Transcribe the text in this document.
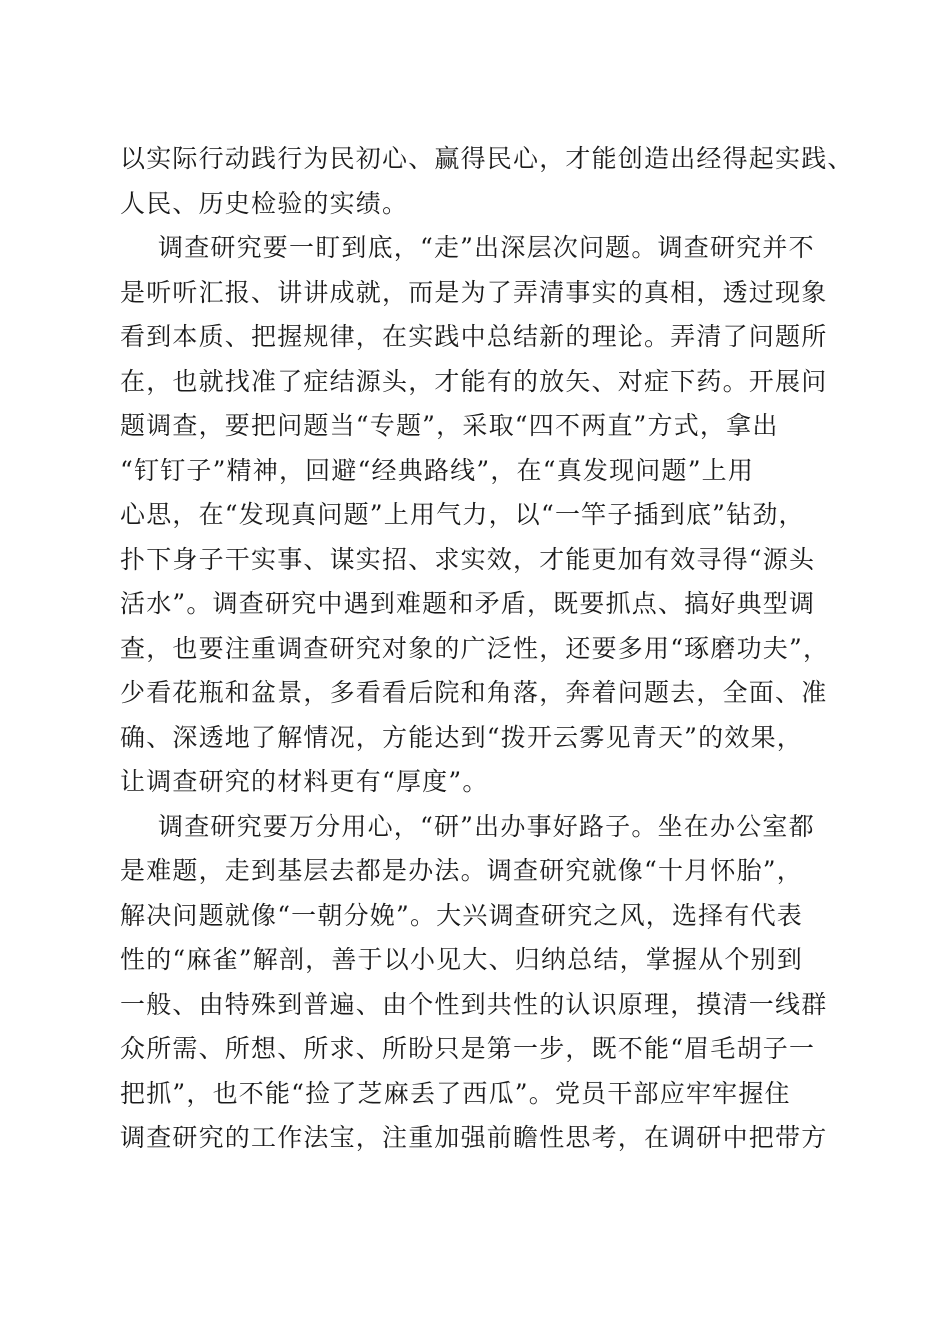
以实际行动践行为民初心、赢得民心，才能创造出经得起实践、
人民、历史检验的实绩。
调查研究要一盯到底，“走”出深层次问题。调查研究并不
是听听汇报、讲讲成就，而是为了弄清事实的真相，透过现象
看到本质、把握规律，在实践中总结新的理论。弄清了问题所
在，也就找准了症结源头，才能有的放矢、对症下药。开展问
题调查，要把问题当“专题”，采取“四不两直”方式，拿出
“钉钉子”精神，回避“经典路线”，在“真发现问题”上用
心思，在“发现真问题”上用气力，以“一竿子插到底”钻劲，
扑下身子干实事、谋实招、求实效，才能更加有效寻得“源头
活水”。调查研究中遇到难题和矛盾，既要抓点、搞好典型调
查，也要注重调查研究对象的广泛性，还要多用“琢磨功夫”，
少看花瓶和盆景，多看看后院和角落，奔着问题去，全面、准
确、深透地了解情况，方能达到“拨开云雾见青天”的效果，
让调查研究的材料更有“厚度”。
调查研究要万分用心，“研”出办事好路子。坐在办公室都
是难题，走到基层去都是办法。调查研究就像“十月怀胎”，
解决问题就像“一朝分娩”。大兴调查研究之风，选择有代表
性的“麻雀”解剖，善于以小见大、归纳总结，掌握从个别到
一般、由特殊到普遍、由个性到共性的认识原理，摸清一线群
众所需、所想、所求、所盼只是第一步，既不能“眉毛胡子一
把抓”，也不能“捡了芝麻丢了西瓜”。党员干部应牢牢握住
调查研究的工作法宝，注重加强前瞻性思考，在调研中把带方
